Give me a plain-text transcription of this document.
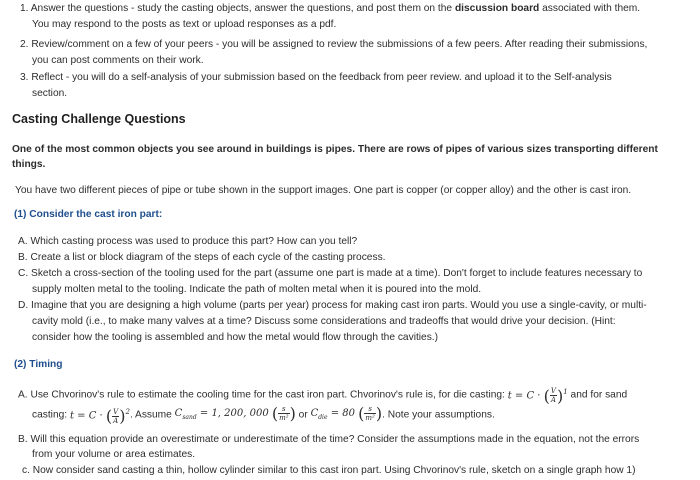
1. Answer the questions - study the casting objects, answer the questions, and post them on the discussion board associated with them.

You may respond to the posts as text or upload responses as a pdf.

2. Review/comment on a few of your peers - you will be assigned to review the submissions of a few peers. After reading their submissions,

you can post comments on their work.

3. Reflect - you will do a self-analysis of your submission based on the feedback from peer review. and upload it to the Self-analysis

section.

Casting Challenge Questions

One of the most common objects you see around in buildings is pipes. There are rows of pipes of various sizes transporting different

things.

You have two different pieces of pipe or tube shown in the support images. One part is copper (or copper alloy) and the other is cast iron.

(1) Consider the cast iron part:

A. Which casting process was used to produce this part? How can you tell?

B. Create a list or block diagram of the steps of each cycle of the casting process.

C. Sketch a cross-section of the tooling used for the part (assume one part is made at a time). Don't forget to include features necessary to

supply molten metal to the tooling. Indicate the path of molten metal when it is poured into the mold.

D. Imagine that you are designing a high volume (parts per year) process for making cast iron parts. Would you use a single-cavity, or multi-

cavity mold (i.e., to make many valves at a time? Discuss some considerations and tradeoffs that would drive your decision. (Hint:

consider how the tooling is assembled and how the metal would flow through the cavities.)

(2) Timing

A. Use Chvorinov's rule to estimate the cooling time for the cast iron part. Chvorinov's rule is, for die casting: t = C · ( $\frac{V}{A} )^1$ and for sand

casting: t = C · ( $\frac{V}{A} )^2$. Assume $C_{sand} = 1$, 200, 000 ( $\frac{s}{\text{m²}}$ ) or $C_{die} = 80$ ( $\frac{s}{\text{m²}}$ ). Note your assumptions.

B. Will this equation provide an overestimate or underestimate of the time? Consider the assumptions made in the equation, not the errors

from your volume or area estimates.

c. Now consider sand casting a thin, hollow cylinder similar to this cast iron part. Using Chvorinov's rule, sketch on a single graph how 1)
